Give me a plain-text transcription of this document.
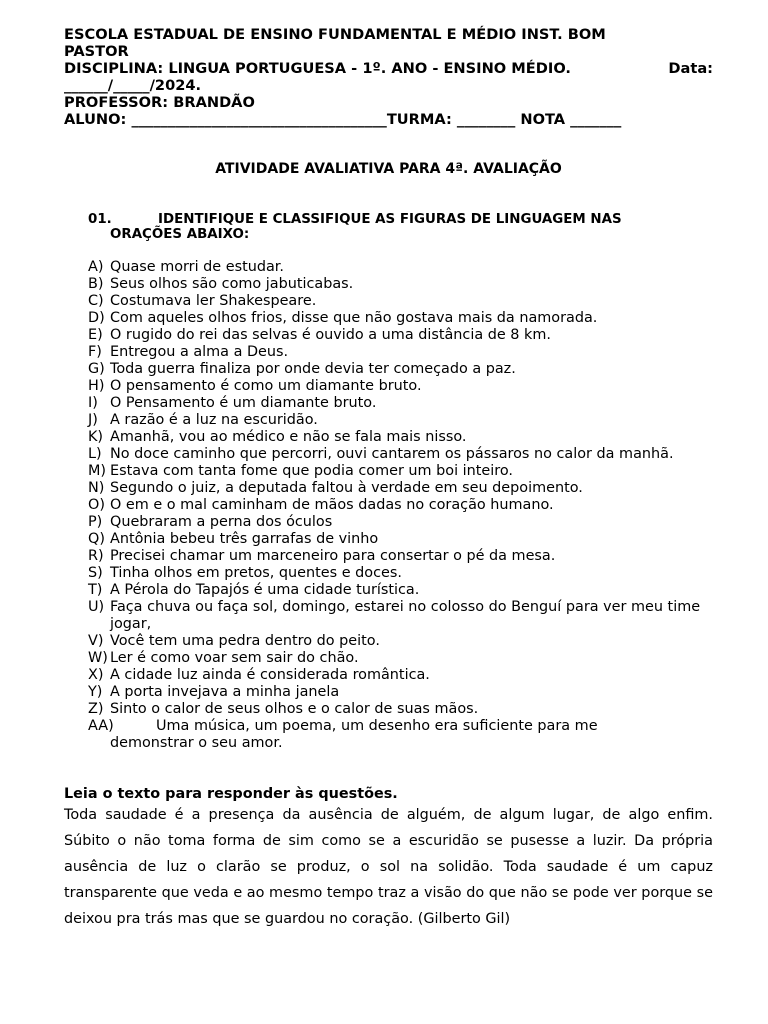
ESCOLA ESTADUAL DE ENSINO FUNDAMENTAL E MÉDIO INST. BOM
PASTOR
DISCIPLINA: LINGUA PORTUGUESA - 1º. ANO - ENSINO MÉDIO.	Data:
______/_____/2024.
PROFESSOR: BRANDÃO
ALUNO: ___________________________________TURMA: ________ NOTA _______
ATIVIDADE AVALIATIVA PARA 4ª. AVALIAÇÃO
01.	IDENTIFIQUE E CLASSIFIQUE AS FIGURAS DE LINGUAGEM NAS
ORAÇÕES ABAIXO:
A) Quase morri de estudar.
B) Seus olhos são como jabuticabas.
C) Costumava ler Shakespeare.
D) Com aqueles olhos frios, disse que não gostava mais da namorada.
E) O rugido do rei das selvas é ouvido a uma distância de 8 km.
F) Entregou a alma a Deus.
G) Toda guerra finaliza por onde devia ter começado a paz.
H) O pensamento é como um diamante bruto.
I) O Pensamento é um diamante bruto.
J) A razão é a luz na escuridão.
K) Amanhã, vou ao médico e não se fala mais nisso.
L) No doce caminho que percorri, ouvi cantarem os pássaros no calor da manhã.
M) Estava com tanta fome que podia comer um boi inteiro.
N) Segundo o juiz, a deputada faltou à verdade em seu depoimento.
O) O em e o mal caminham de mãos dadas no coração humano.
P) Quebraram a perna dos óculos
Q) Antônia bebeu três garrafas de vinho
R) Precisei chamar um marceneiro para consertar o pé da mesa.
S) Tinha olhos em pretos, quentes e doces.
T) A Pérola do Tapajós é uma cidade turística.
U) Faça chuva ou faça sol, domingo, estarei no colosso do Benguí para ver meu time jogar,
V) Você tem uma pedra dentro do peito.
W) Ler é como voar sem sair do chão.
X) A cidade luz ainda é considerada romântica.
Y) A porta invejava a minha janela
Z) Sinto o calor de seus olhos e o calor de suas mãos.
AA)	Uma música, um poema, um desenho era suficiente para me
demonstrar o seu amor.
Leia o texto para responder às questões.

Toda saudade é a presença da ausência de alguém, de algum lugar, de algo enfim. Súbito o não toma forma de sim como se a escuridão se pusesse a luzir. Da própria ausência de luz o clarão se produz, o sol na solidão. Toda saudade é um capuz transparente que veda e ao mesmo tempo traz a visão do que não se pode ver porque se deixou pra trás mas que se guardou no coração. (Gilberto Gil)
